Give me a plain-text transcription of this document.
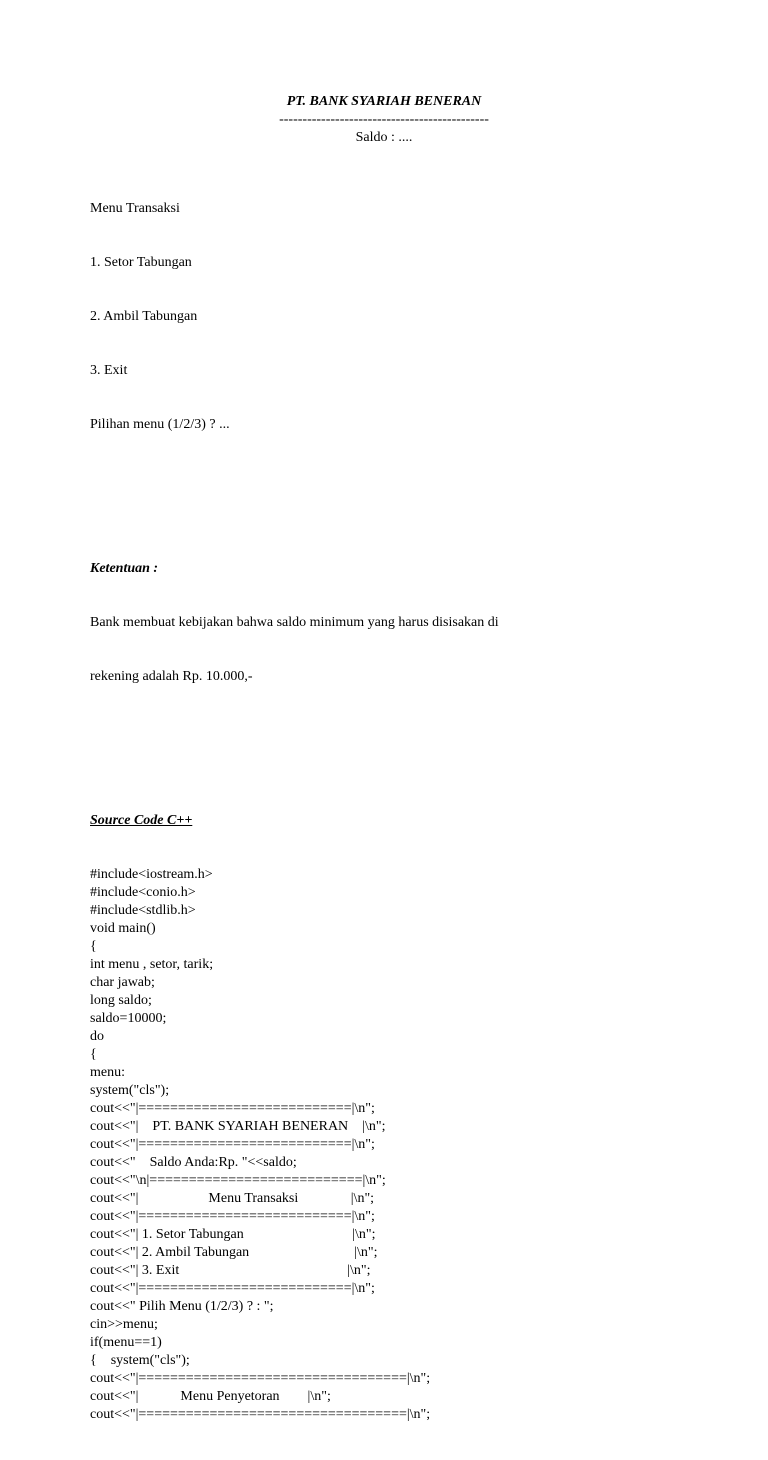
PT. BANK SYARIAH BENERAN
---------------------------------------------
Saldo : ....

Menu Transaksi

1. Setor Tabungan

2. Ambil Tabungan

3. Exit

Pilihan menu (1/2/3) ? ...

Ketentuan :

Bank membuat kebijakan bahwa saldo minimum yang harus disisakan di

rekening adalah Rp. 10.000,-

Source Code C++

#include<iostream.h>
#include<conio.h>
#include<stdlib.h>
void main()
{
int menu , setor, tarik;
char jawab;
long saldo;
saldo=10000;
do
{
menu:
system("cls");
cout<<"|===========================|\n";
cout<<"|    PT. BANK SYARIAH BENERAN    |\n";
cout<<"|===========================|\n";
cout<<"    Saldo Anda:Rp. "<<saldo;
cout<<"\n|===========================|\n";
cout<<"|                    Menu Transaksi               |\n";
cout<<"|===========================|\n";
cout<<"| 1. Setor Tabungan                               |\n";
cout<<"| 2. Ambil Tabungan                              |\n";
cout<<"| 3. Exit                                                |\n";
cout<<"|===========================|\n";
cout<<" Pilih Menu (1/2/3) ? : ";
cin>>menu;
if(menu==1)
{    system("cls");
cout<<"|==================================|\n";
cout<<"|            Menu Penyetoran        |\n";
cout<<"|==================================|\n";
